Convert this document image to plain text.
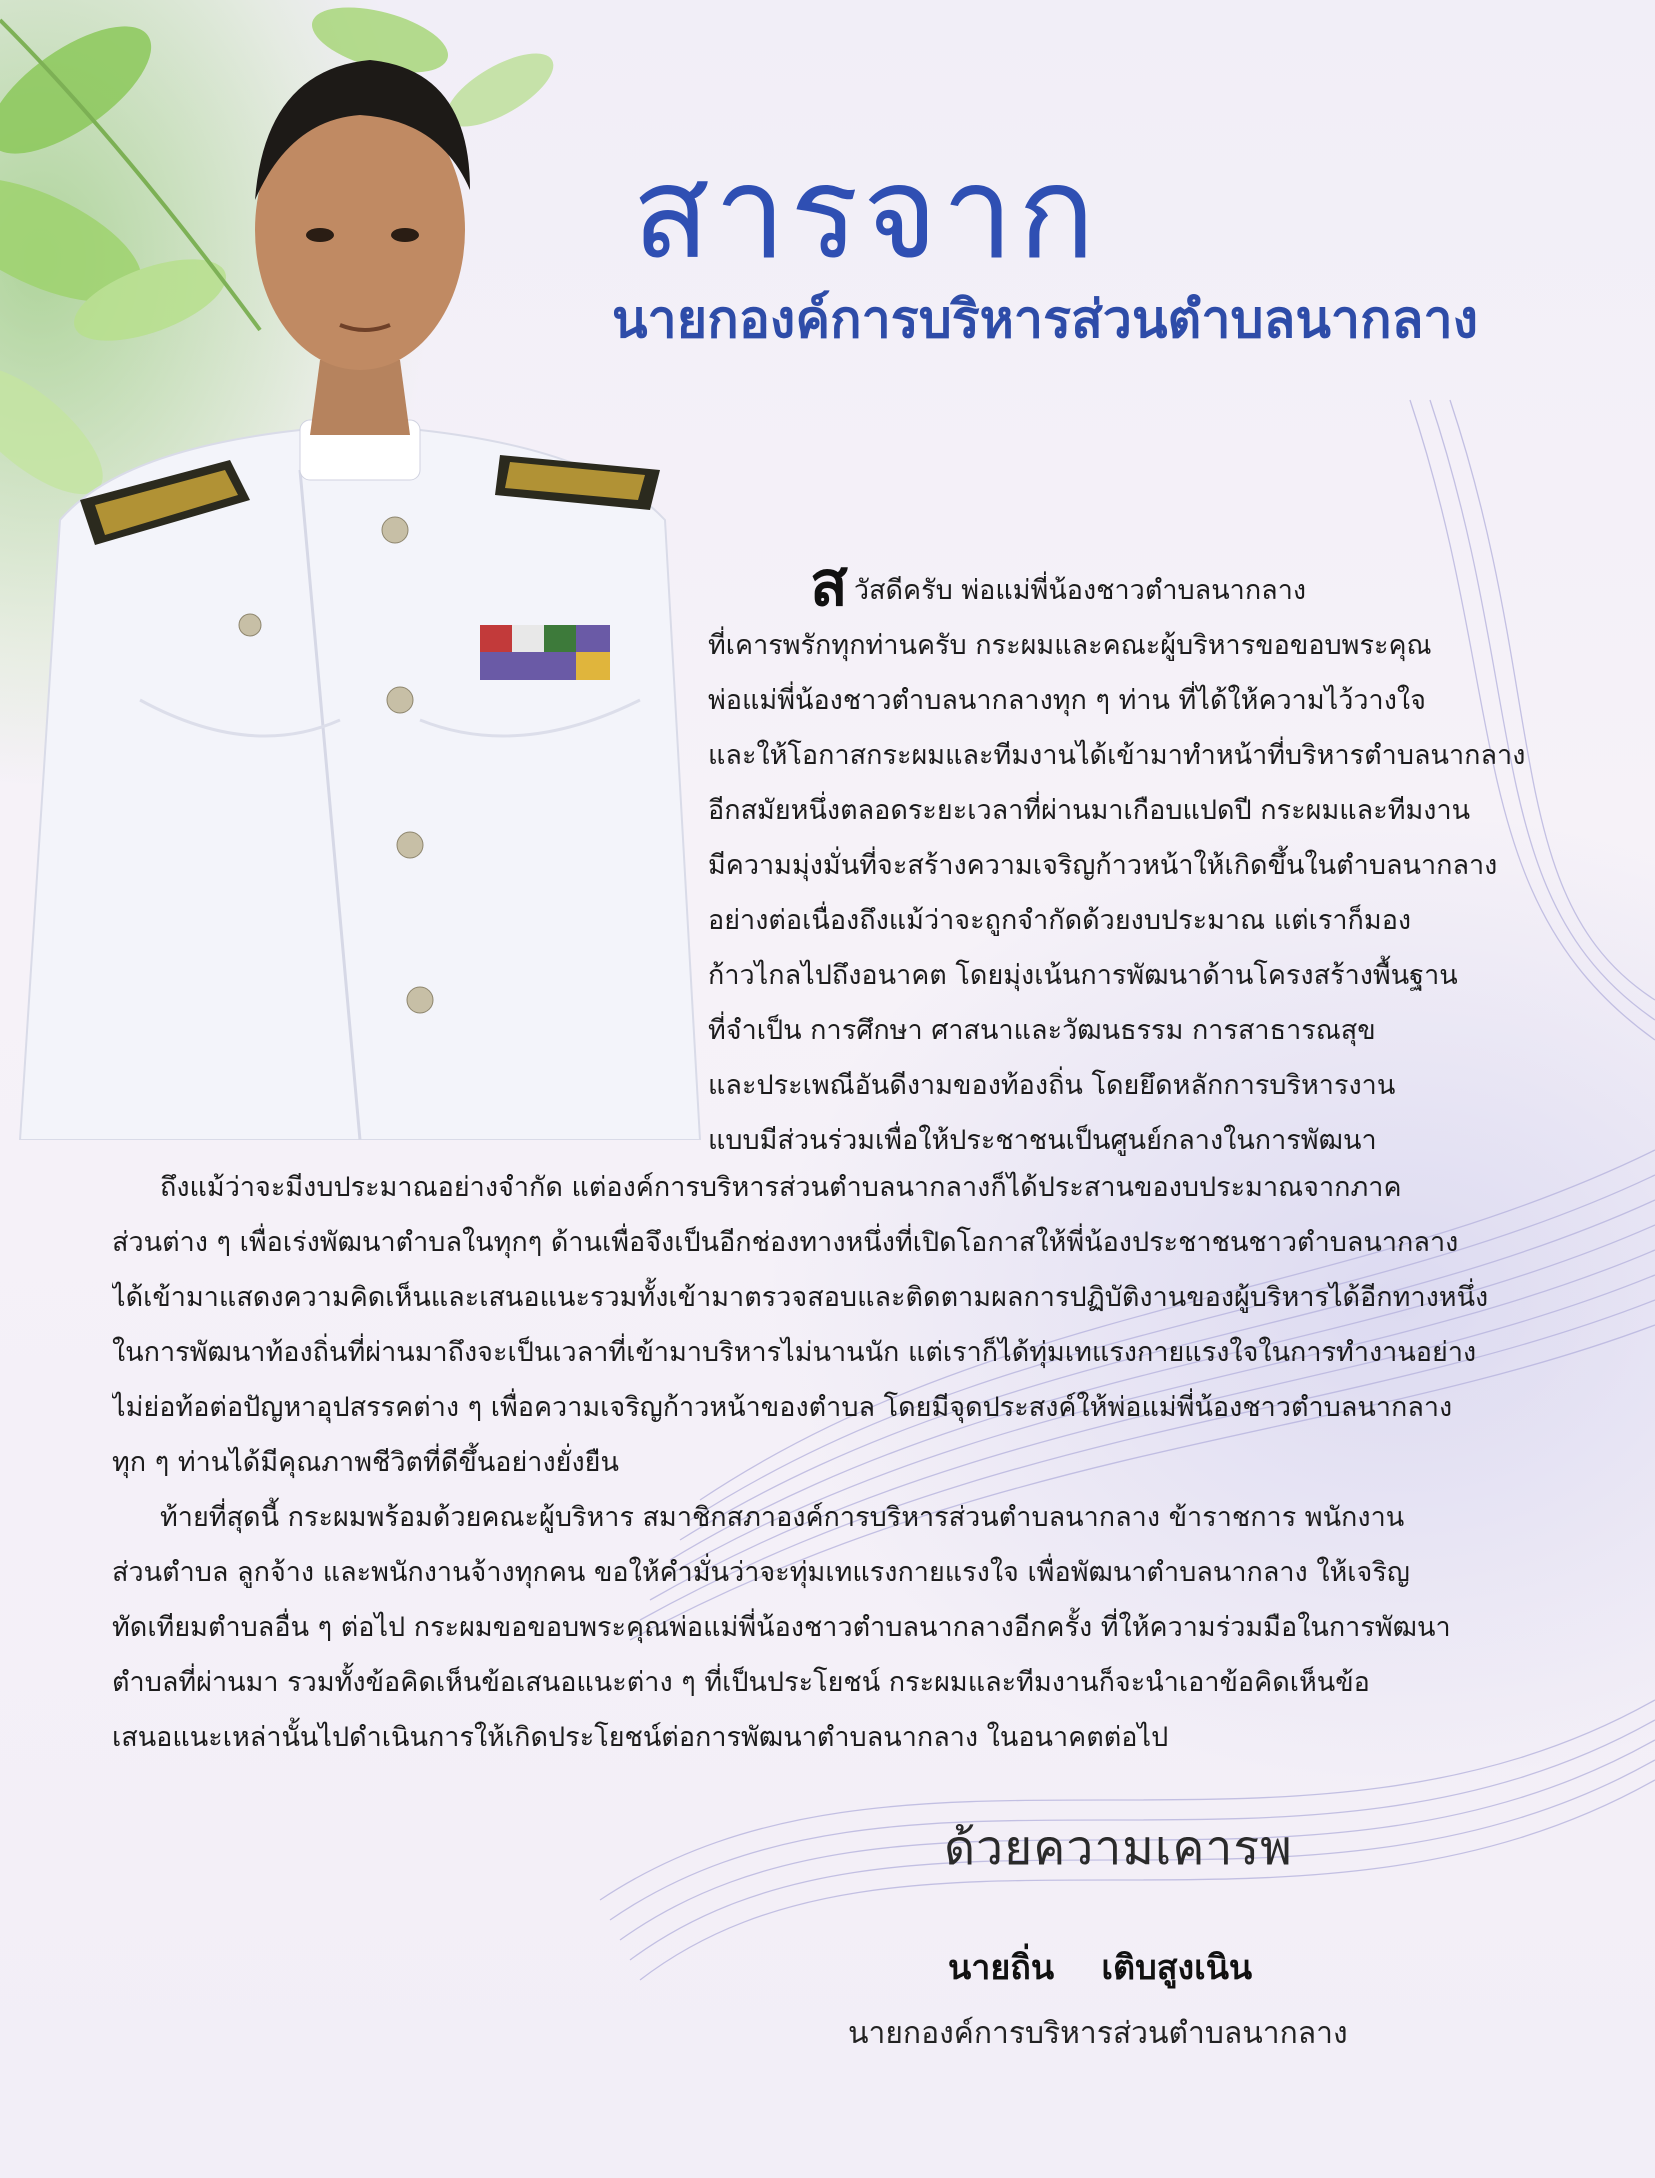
สารจาก
นายกองค์การบริหารส่วนตำบลนากลาง

สวัสดีครับ พ่อแม่พี่น้องชาวตำบลนากลาง

ที่เคารพรักทุกท่านครับ กระผมและคณะผู้บริหารขอขอบพระคุณ

พ่อแม่พี่น้องชาวตำบลนากลางทุก ๆ ท่าน ที่ได้ให้ความไว้วางใจ

และให้โอกาสกระผมและทีมงานได้เข้ามาทำหน้าที่บริหารตำบลนากลาง

อีกสมัยหนึ่งตลอดระยะเวลาที่ผ่านมาเกือบแปดปี กระผมและทีมงาน

มีความมุ่งมั่นที่จะสร้างความเจริญก้าวหน้าให้เกิดขึ้นในตำบลนากลาง

อย่างต่อเนื่องถึงแม้ว่าจะถูกจำกัดด้วยงบประมาณ แต่เราก็มอง

ก้าวไกลไปถึงอนาคต โดยมุ่งเน้นการพัฒนาด้านโครงสร้างพื้นฐาน

ที่จำเป็น การศึกษา ศาสนาและวัฒนธรรม การสาธารณสุข

และประเพณีอันดีงามของท้องถิ่น โดยยึดหลักการบริหารงาน

แบบมีส่วนร่วมเพื่อให้ประชาชนเป็นศูนย์กลางในการพัฒนา

ถึงแม้ว่าจะมีงบประมาณอย่างจำกัด แต่องค์การบริหารส่วนตำบลนากลางก็ได้ประสานของบประมาณจากภาค

ส่วนต่าง ๆ เพื่อเร่งพัฒนาตำบลในทุกๆ ด้านเพื่อจึงเป็นอีกช่องทางหนึ่งที่เปิดโอกาสให้พี่น้องประชาชนชาวตำบลนากลาง

ได้เข้ามาแสดงความคิดเห็นและเสนอแนะรวมทั้งเข้ามาตรวจสอบและติดตามผลการปฏิบัติงานของผู้บริหารได้อีกทางหนึ่ง

ในการพัฒนาท้องถิ่นที่ผ่านมาถึงจะเป็นเวลาที่เข้ามาบริหารไม่นานนัก แต่เราก็ได้ทุ่มเทแรงกายแรงใจในการทำงานอย่าง

ไม่ย่อท้อต่อปัญหาอุปสรรคต่าง ๆ เพื่อความเจริญก้าวหน้าของตำบล โดยมีจุดประสงค์ให้พ่อแม่พี่น้องชาวตำบลนากลาง

ทุก ๆ ท่านได้มีคุณภาพชีวิตที่ดีขึ้นอย่างยั่งยืน

ท้ายที่สุดนี้ กระผมพร้อมด้วยคณะผู้บริหาร สมาชิกสภาองค์การบริหารส่วนตำบลนากลาง ข้าราชการ พนักงาน

ส่วนตำบล ลูกจ้าง และพนักงานจ้างทุกคน ขอให้คำมั่นว่าจะทุ่มเทแรงกายแรงใจ เพื่อพัฒนาตำบลนากลาง ให้เจริญ

ทัดเทียมตำบลอื่น ๆ ต่อไป กระผมขอขอบพระคุณพ่อแม่พี่น้องชาวตำบลนากลางอีกครั้ง ที่ให้ความร่วมมือในการพัฒนา

ตำบลที่ผ่านมา รวมทั้งข้อคิดเห็นข้อเสนอแนะต่าง ๆ ที่เป็นประโยชน์ กระผมและทีมงานก็จะนำเอาข้อคิดเห็นข้อ

เสนอแนะเหล่านั้นไปดำเนินการให้เกิดประโยชน์ต่อการพัฒนาตำบลนากลาง ในอนาคตต่อไป

ด้วยความเคารพ
นายถิ่น    เติบสูงเนิน
นายกองค์การบริหารส่วนตำบลนากลาง
